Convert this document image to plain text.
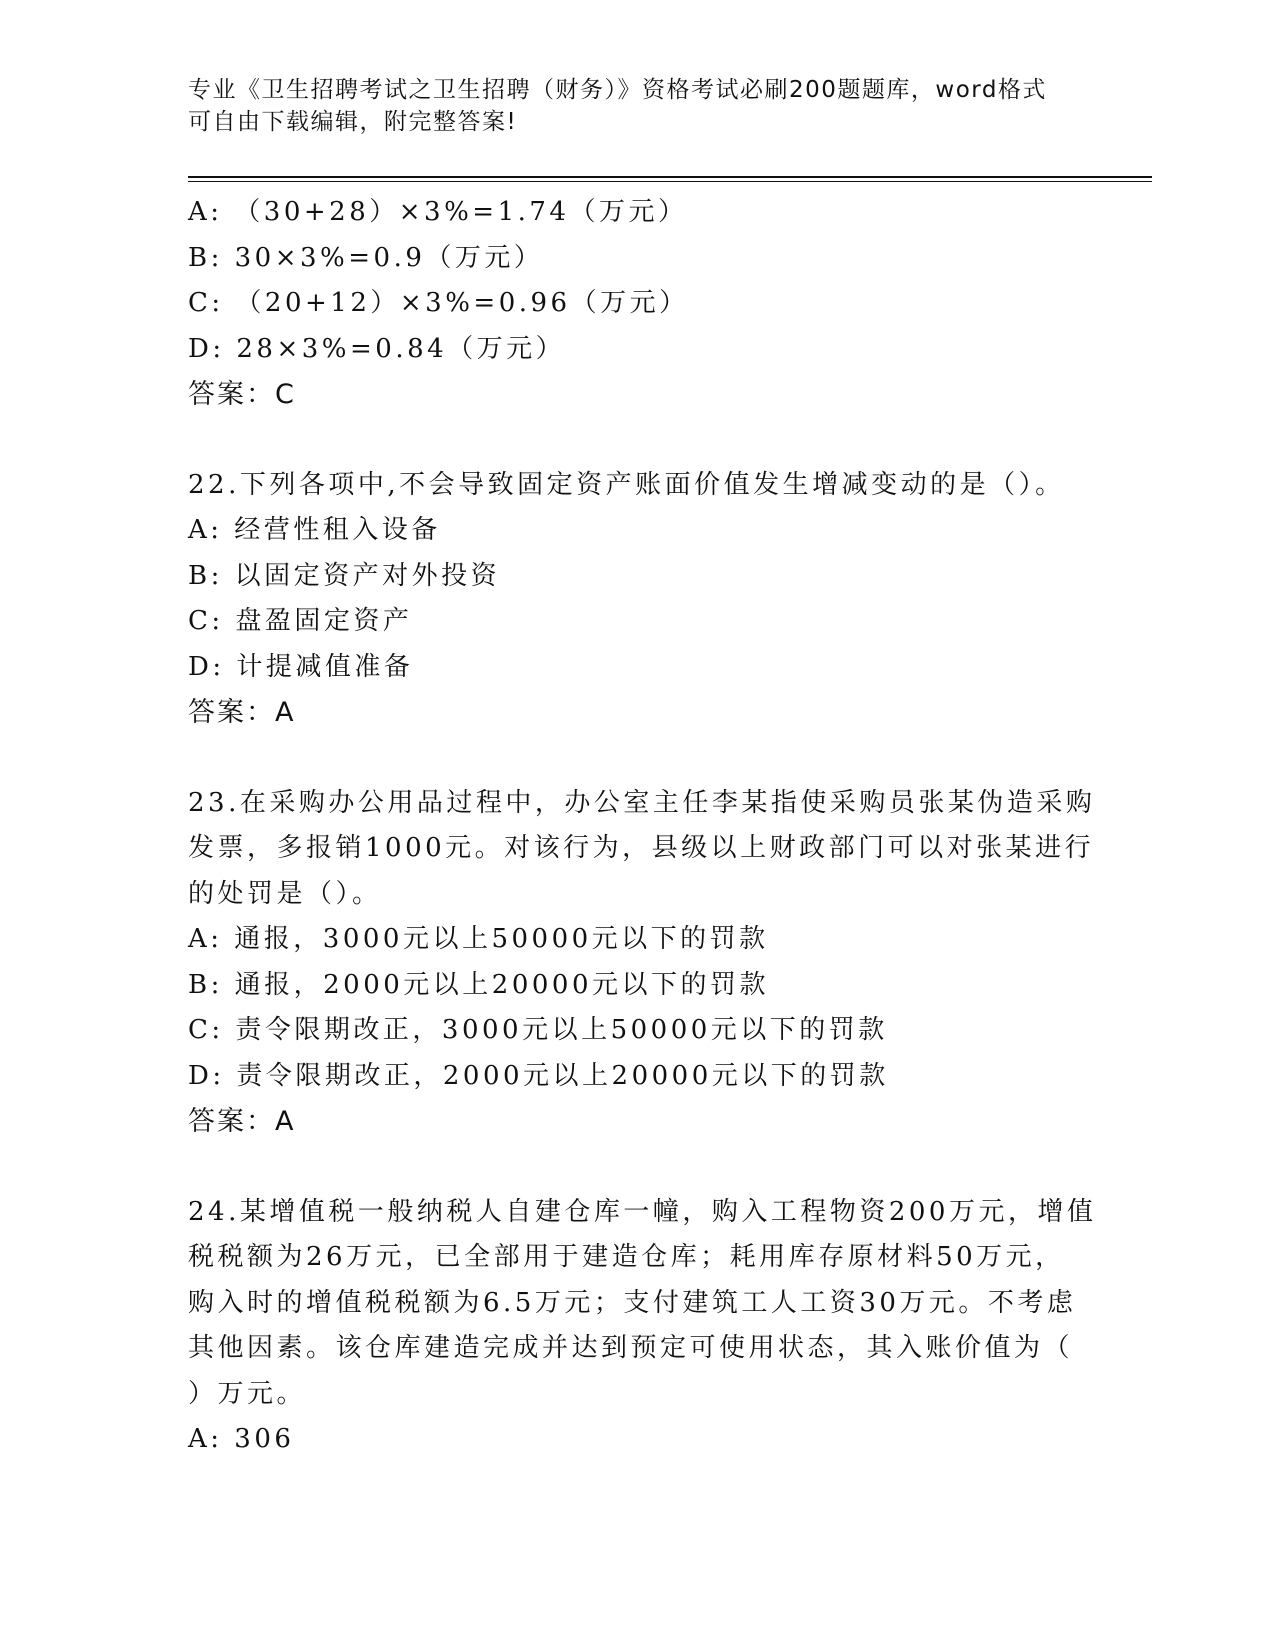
专业《卫生招聘考试之卫生招聘（财务）》资格考试必刷200题题库，word格式
可自由下载编辑，附完整答案!
A: （30+28）×3%=1.74（万元）
B: 30×3%=0.9（万元）
C: （20+12）×3%=0.96（万元）
D: 28×3%=0.84（万元）
答案：C
22.下列各项中,不会导致固定资产账面价值发生增减变动的是（）。
A: 经营性租入设备
B: 以固定资产对外投资
C: 盘盈固定资产
D: 计提减值准备
答案：A
23.在采购办公用品过程中，办公室主任李某指使采购员张某伪造采购
发票，多报销1000元。对该行为，县级以上财政部门可以对张某进行
的处罚是（）。
A: 通报，3000元以上50000元以下的罚款
B: 通报，2000元以上20000元以下的罚款
C: 责令限期改正，3000元以上50000元以下的罚款
D: 责令限期改正，2000元以上20000元以下的罚款
答案：A
24.某增值税一般纳税人自建仓库一幢，购入工程物资200万元，增值
税税额为26万元，已全部用于建造仓库；耗用库存原材料50万元，
购入时的增值税税额为6.5万元；支付建筑工人工资30万元。不考虑
其他因素。该仓库建造完成并达到预定可使用状态，其入账价值为（
）万元。
A: 306
